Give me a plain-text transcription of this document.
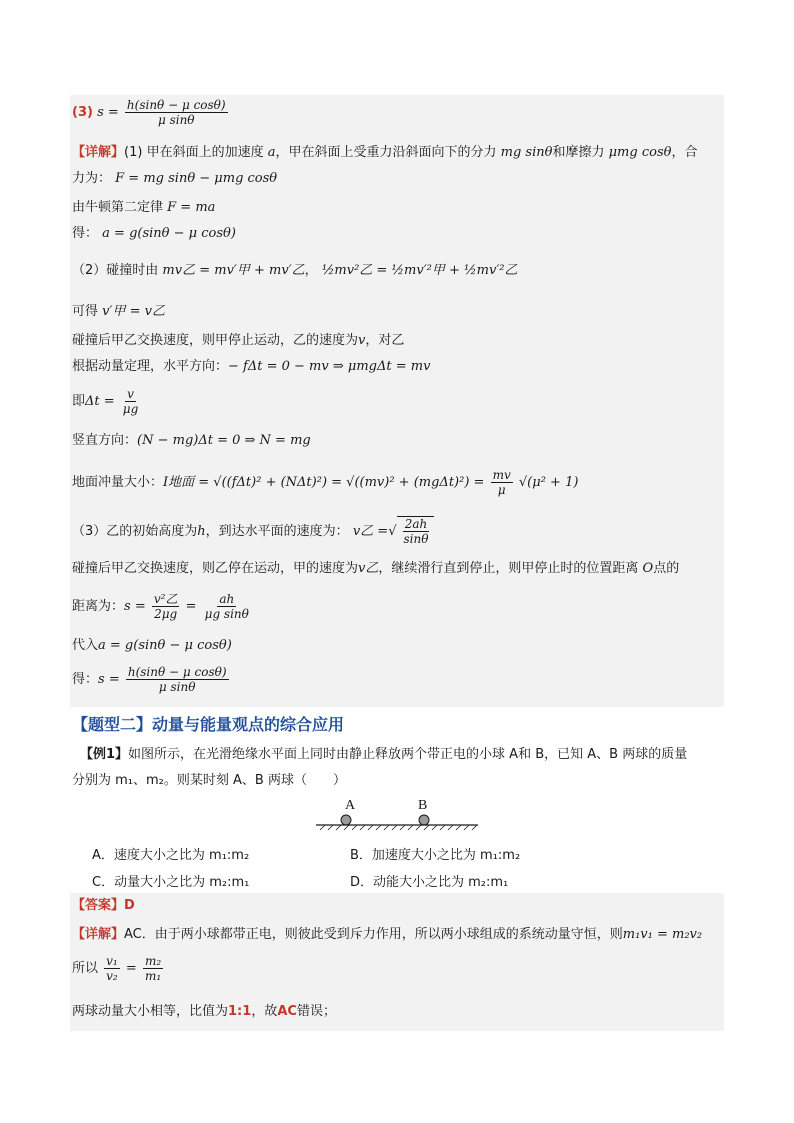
(3) $s = \frac{\text{h(sinθ − μ cosθ)}}{\text{μ sinθ}}$
【详解】(1) 甲在斜面上的加速度 a，甲在斜面上受重力沿斜面向下的分力 mg sinθ和摩擦力 μmg cosθ，合
力为： F = mg sinθ − μmg cosθ
由牛顿第二定律 F = ma
得： a = g(sinθ − μ cosθ)
（2）碰撞时由 mv乙 = mv′甲 + mv′乙， ½mv²乙 = ½mv′²甲 + ½mv′²乙
可得 v′甲 = v乙
碰撞后甲乙交换速度，则甲停止运动，乙的速度为v，对乙
根据动量定理，水平方向：− fΔt = 0 − mv ⇒ μmgΔt = mv
即$\Delta t = \frac{v}{\mu g}$
竖直方向：(N − mg)Δt = 0 ⇒ N = mg
地面冲量大小：I地面 = $√((f\Delta t)^2 + (N\Delta t)^2) = √((mv)^2 + (mg\Delta t)^2) = \frac{mv}{\mu} √(\mu^2 + 1)$
（3）乙的初始高度为h，到达水平面的速度为： v乙 =√ $\frac{2ah}{\sin\theta}$
碰撞后甲乙交换速度，则乙停在运动，甲的速度为v乙，继续滑行直到停止，则甲停止时的位置距离 O点的
距离为：$s = \frac{\text{v²乙}}{2\mu g} = \frac{ah}{\text{μg sinθ}}$
代入a = g(sinθ − μ cosθ)
得：$s = \frac{\text{h(sinθ − μ cosθ)}}{\text{μ sinθ}}$
【题型二】动量与能量观点的综合应用
【例1】如图所示，在光滑绝缘水平面上同时由静止释放两个带正电的小球 A和 B，已知 A、B 两球的质量
分别为 m₁、m₂。则某时刻 A、B 两球（　　）
A	B
A．速度大小之比为 m₁:m₂	B．加速度大小之比为 m₁:m₂
C．动量大小之比为 m₂:m₁	D．动能大小之比为 m₂:m₁
【答案】D
【详解】AC．由于两小球都带正电，则彼此受到斥力作用，所以两小球组成的系统动量守恒，则m₁v₁ = m₂v₂
所以 $\frac{\text{v₁}}{\text{v₂}} = \frac{\text{m₂}}{\text{m₁}}$
两球动量大小相等，比值为1:1，故AC错误；
